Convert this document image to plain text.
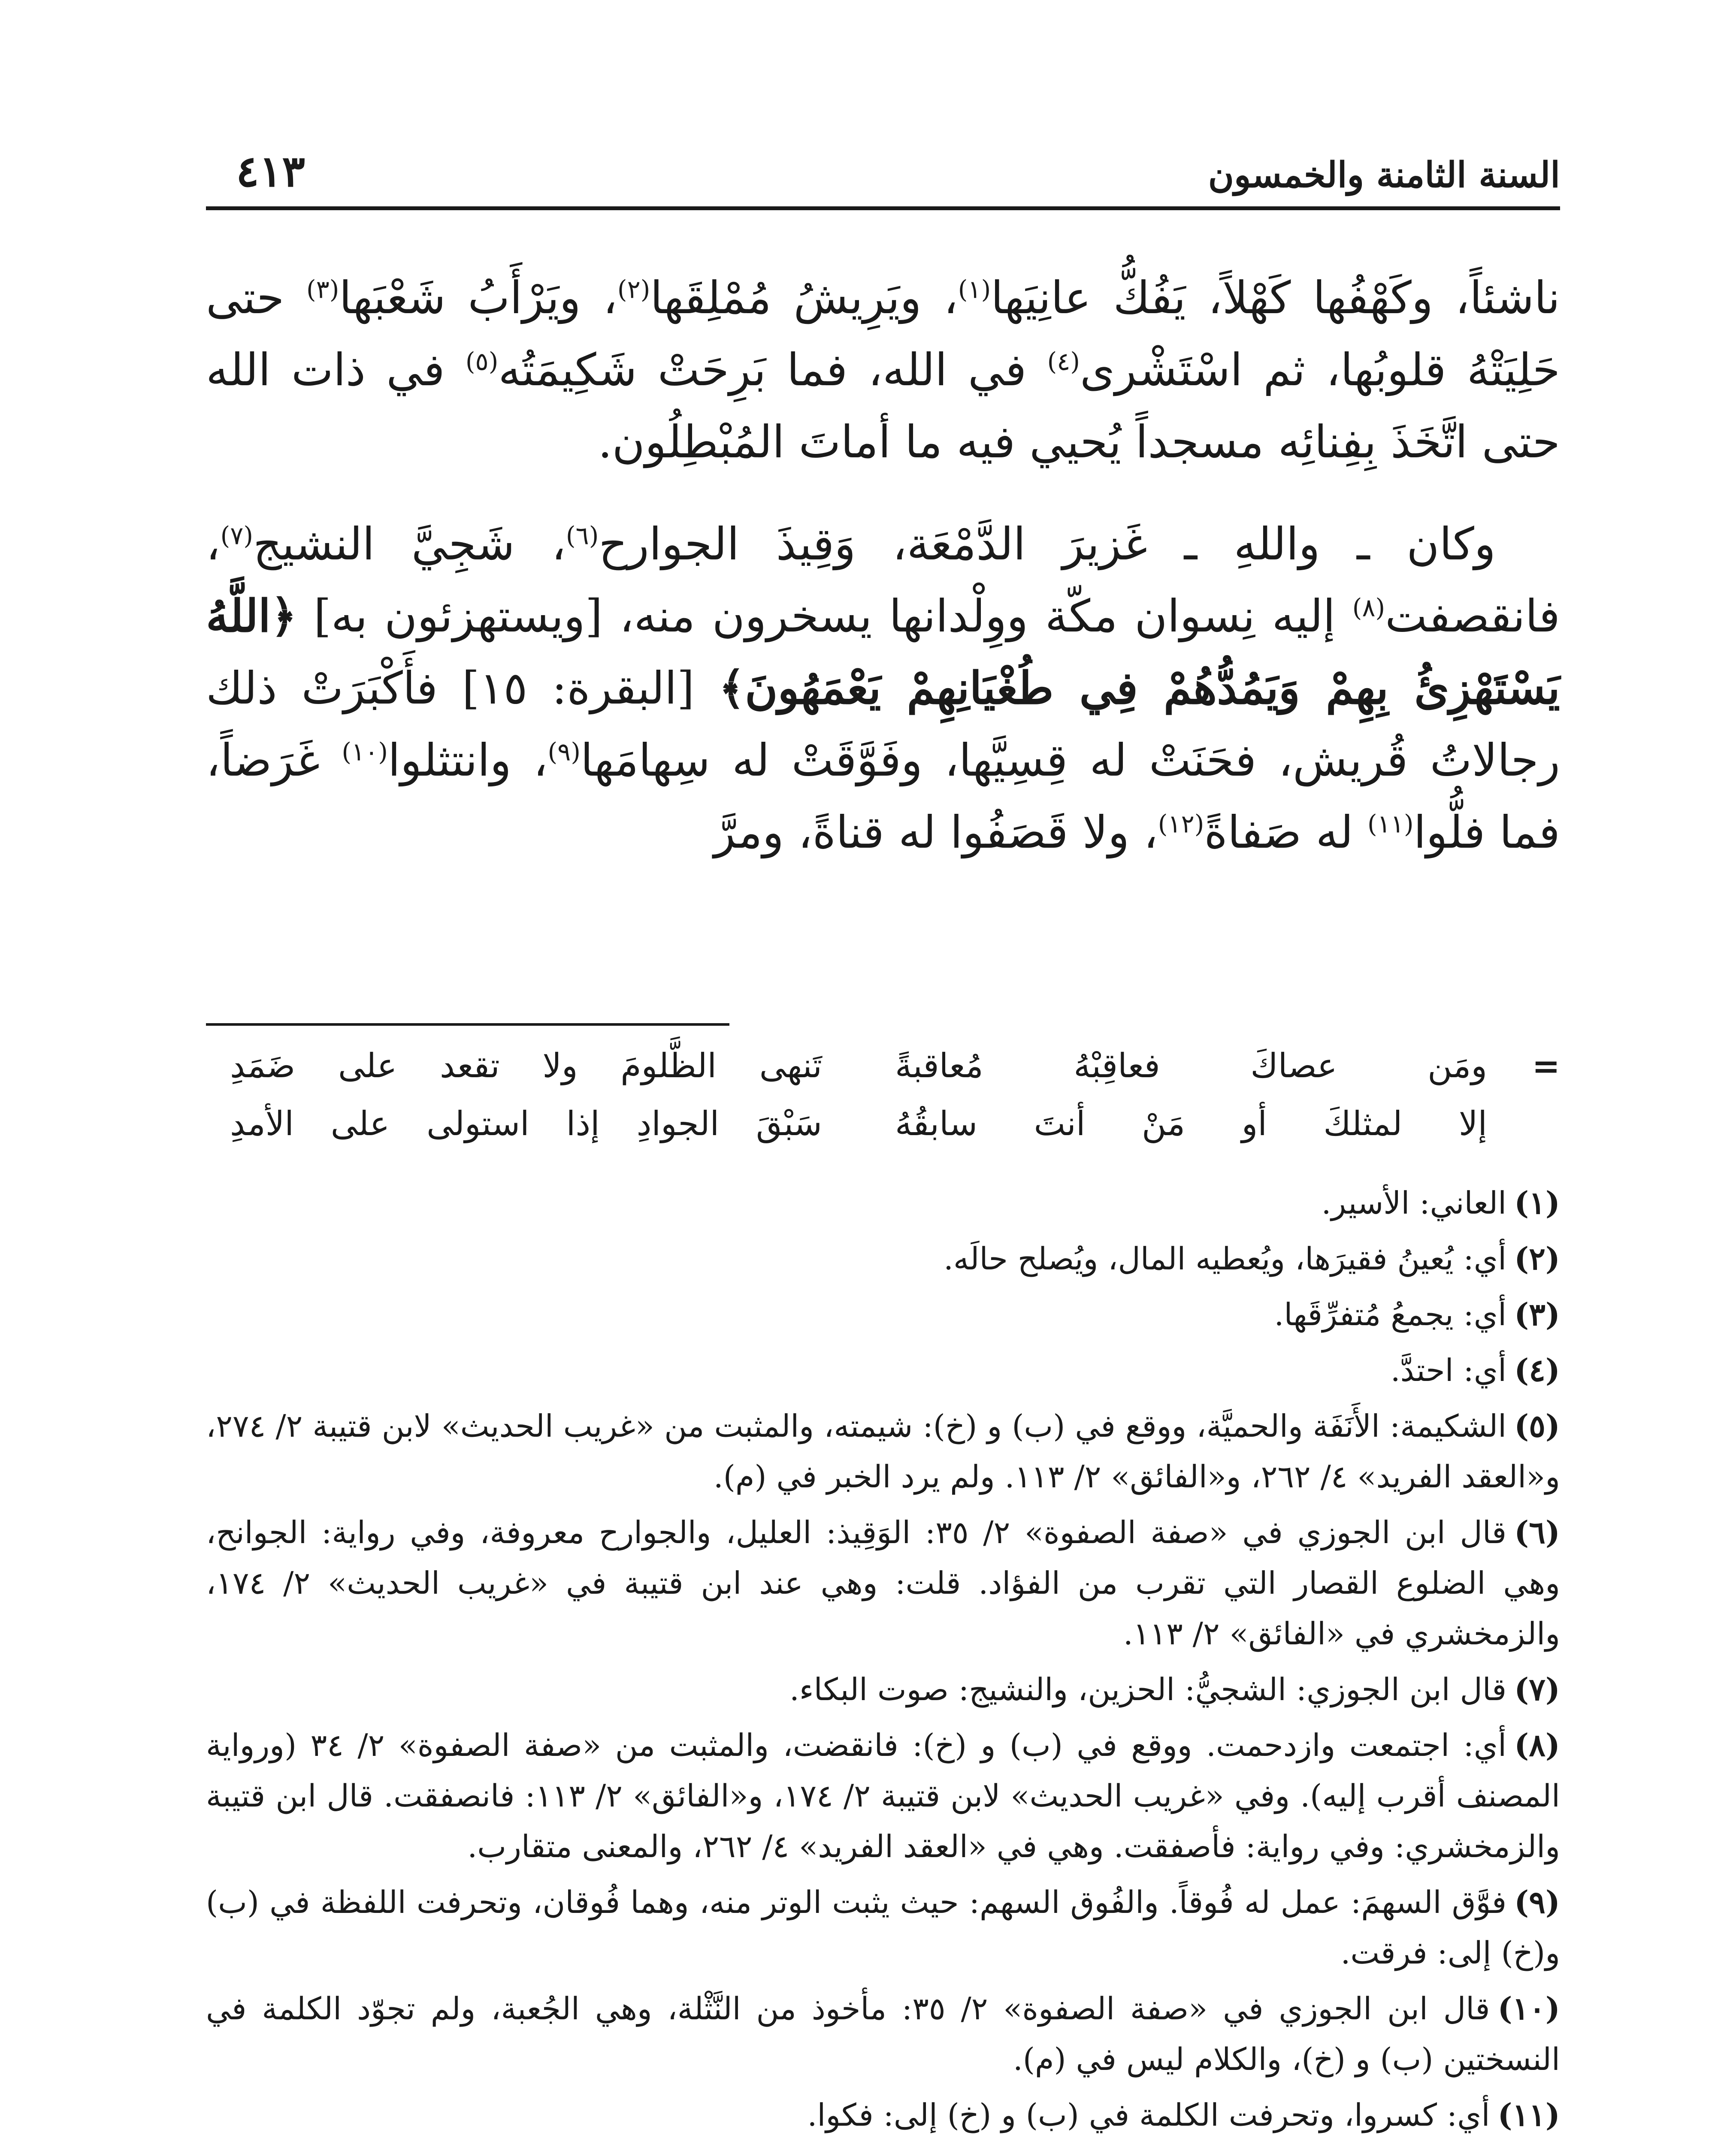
السنة الثامنة والخمسون
٤١٣

ناشئاً، وكَهْفُها كَهْلاً، يَفُكُّ عانِيَها$^{(١)}$، ويَرِيشُ مُمْلِقَها$^{(٢)}$، ويَرْأَبُ شَعْبَها$^{(٣)}$ حتى حَلِيَتْهُ قلوبُها، ثم اسْتَشْرى$^{(٤)}$ في الله، فما بَرِحَتْ شَكِيمَتُه$^{(٥)}$ في ذات الله حتى اتَّخَذَ بِفِنائِه مسجداً يُحيي فيه ما أماتَ المُبْطِلُون.

وكان ـ واللهِ ـ غَزيرَ الدَّمْعَة، وَقِيذَ الجوارح$^{(٦)}$، شَجِيَّ النشيج$^{(٧)}$، فانقصفت$^{(٨)}$ إليه نِسوان مكّة ووِلْدانها يسخرون منه، [ويستهزئون به] ﴿اللَّهُ يَسْتَهْزِئُ بِهِمْ وَيَمُدُّهُمْ فِي طُغْيَانِهِمْ يَعْمَهُونَ﴾ [البقرة: ١٥] فأَكْبَرَتْ ذلك رجالاتُ قُريش، فحَنَتْ له قِسِيَّها، وفَوَّقَتْ له سِهامَها$^{(٩)}$، وانتثلوا$^{(١٠)}$ غَرَضاً، فما فلُّوا$^{(١١)}$ له صَفاةً$^{(١٢)}$، ولا قَصَفُوا له قناةً، ومرَّ

=
ومَن عصاكَ فعاقِبْهُ مُعاقبةً
تَنهى الظَّلومَ ولا تقعد على ضَمَدِ
إلا لمثلكَ أو مَنْ أنتَ سابقُهُ
سَبْقَ الجوادِ إذا استولى على الأمدِ

(١)العاني: الأسير.

(٢)أي: يُعينُ فقيرَها، ويُعطيه المال، ويُصلح حالَه.

(٣)أي: يجمعُ مُتفرِّقَها.

(٤)أي: احتدَّ.

(٥)الشكيمة: الأَنَفَة والحميَّة، ووقع في (ب) و (خ): شيمته، والمثبت من «غريب الحديث» لابن قتيبة ٢/ ٢٧٤، و«العقد الفريد» ٤/ ٢٦٢، و«الفائق» ٢/ ١١٣. ولم يرد الخبر في (م).

(٦)قال ابن الجوزي في «صفة الصفوة» ٢/ ٣٥: الوَقِيذ: العليل، والجوارح معروفة، وفي رواية: الجوانح، وهي الضلوع القصار التي تقرب من الفؤاد. قلت: وهي عند ابن قتيبة في «غريب الحديث» ٢/ ١٧٤، والزمخشري في «الفائق» ٢/ ١١٣.

(٧)قال ابن الجوزي: الشجيُّ: الحزين، والنشيج: صوت البكاء.

(٨)أي: اجتمعت وازدحمت. ووقع في (ب) و (خ): فانقضت، والمثبت من «صفة الصفوة» ٢/ ٣٤ (ورواية المصنف أقرب إليه). وفي «غريب الحديث» لابن قتيبة ٢/ ١٧٤، و«الفائق» ٢/ ١١٣: فانصفقت. قال ابن قتيبة والزمخشري: وفي رواية: فأصفقت. وهي في «العقد الفريد» ٤/ ٢٦٢، والمعنى متقارب.

(٩)فوَّق السهمَ: عمل له فُوقاً. والفُوق السهم: حيث يثبت الوتر منه، وهما فُوقان، وتحرفت اللفظة في (ب) و(خ) إلى: فرقت.

(١٠)قال ابن الجوزي في «صفة الصفوة» ٢/ ٣٥: مأخوذ من النَّثْلة، وهي الجُعبة، ولم تجوّد الكلمة في النسختين (ب) و (خ)، والكلام ليس في (م).

(١١)أي: كسروا، وتحرفت الكلمة في (ب) و (خ) إلى: فكوا.
